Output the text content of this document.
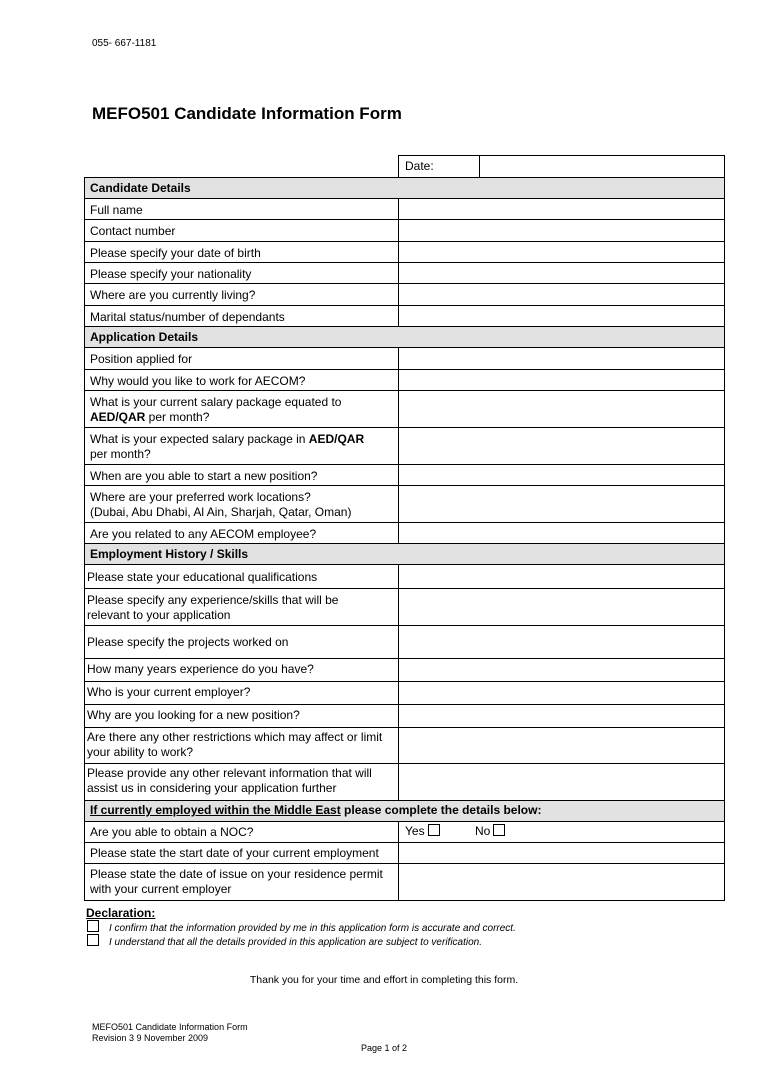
055- 667-1181
MEFO501 Candidate Information Form
Candidate Details
Application Details
Employment History / Skills
If currently employed within the Middle East please complete the details below:
Date:
Full name
Contact number
Please specify your date of birth
Please specify your nationality
Where are you currently living?
Marital status/number of dependants
Position applied for
Why would you like to work for AECOM?
What is your current salary package equated to
AED/QAR per month?
What is your expected salary package in AED/QAR
per month?
When are you able to start a new position?
Where are your preferred work locations?
(Dubai, Abu Dhabi, Al Ain, Sharjah, Qatar, Oman)
Are you related to any AECOM employee?
Please state your educational qualifications
Please specify any experience/skills that will be
relevant to your application
Please specify the projects worked on
How many years experience do you have?
Who is your current employer?
Why are you looking for a new position?
Are there any other restrictions which may affect or limit
your ability to work?
Please provide any other relevant information that will
assist us in considering your application further
Are you able to obtain a NOC?	Yes	No
Please state the start date of your current employment
Please state the date of issue on your residence permit
with your current employer
Declaration:
I confirm that the information provided by me in this application form is accurate and correct.
I understand that all the details provided in this application are subject to verification.
Thank you for your time and effort in completing this form.
MEFO501 Candidate Information Form
Revision 3 9 November 2009
Page 1 of 2
